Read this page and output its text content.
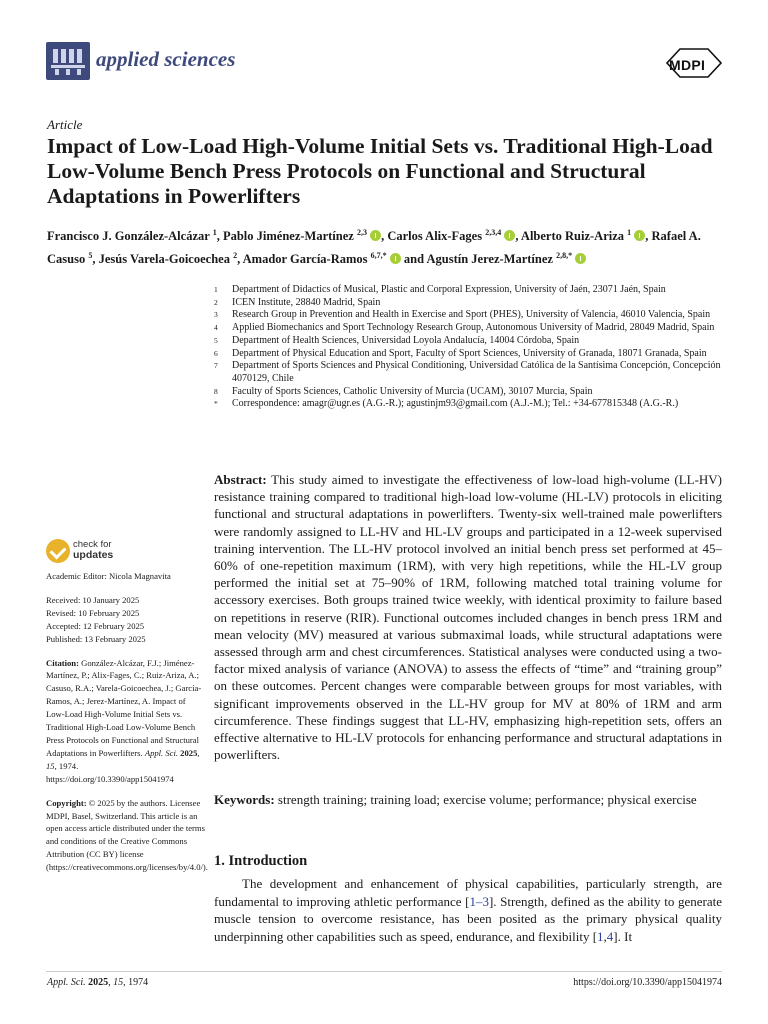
applied sciences	MDPI
Article
Impact of Low-Load High-Volume Initial Sets vs. Traditional High-Load Low-Volume Bench Press Protocols on Functional and Structural Adaptations in Powerlifters
Francisco J. González-Alcázar $^1$, Pablo Jiménez-Martínez $^{2,3}$ , Carlos Alix-Fages $^{2,3,4}$ , Alberto Ruiz-Ariza $^1$ , Rafael A. Casuso $^5$, Jesús Varela-Goicoechea $^2$, Amador García-Ramos $^{6,7,*}$  and Agustín Jerez-Martínez $^{2,8,*}$
1	Department of Didactics of Musical, Plastic and Corporal Expression, University of Jaén, 23071 Jaén, Spain
2	ICEN Institute, 28840 Madrid, Spain
3	Research Group in Prevention and Health in Exercise and Sport (PHES), University of Valencia, 46010 Valencia, Spain
4	Applied Biomechanics and Sport Technology Research Group, Autonomous University of Madrid, 28049 Madrid, Spain
5	Department of Health Sciences, Universidad Loyola Andalucía, 14004 Córdoba, Spain
6	Department of Physical Education and Sport, Faculty of Sport Sciences, University of Granada, 18071 Granada, Spain
7	Department of Sports Sciences and Physical Conditioning, Universidad Católica de la Santísima Concepción, Concepción 4070129, Chile
8	Faculty of Sports Sciences, Catholic University of Murcia (UCAM), 30107 Murcia, Spain
*	Correspondence: amagr@ugr.es (A.G.-R.); agustinjm93@gmail.com (A.J.-M.); Tel.: +34-677815348 (A.G.-R.)
Abstract: This study aimed to investigate the effectiveness of low-load high-volume (LL-HV) resistance training compared to traditional high-load low-volume (HL-LV) protocols in eliciting functional and structural adaptations in powerlifters. Twenty-six well-trained male powerlifters were randomly assigned to LL-HV and HL-LV groups and participated in a 12-week supervised training intervention. The LL-HV protocol involved an initial bench press set performed at 45–60% of one-repetition maximum (1RM), with very high repetitions, while the HL-LV group performed the initial set at 75–90% of 1RM, following matched total training volume for accessory exercises. Both groups trained twice weekly, with identical proximity to failure based on repetitions in reserve (RIR). Functional outcomes included changes in bench press 1RM and mean velocity (MV) measured at various submaximal loads, while structural adaptations were assessed through arm and chest circumferences. Statistical analyses were conducted using a two-factor mixed analysis of variance (ANOVA) to assess the effects of “time” and “training group” on these outcomes. Percent changes were comparable between groups for most variables, with significant improvements observed in the LL-HV group for MV at 80% of 1RM and arm circumference. These findings suggest that LL-HV, emphasizing high-repetition sets, offers an effective alternative to HL-LV protocols for enhancing performance and structural adaptations in powerlifters.
Keywords: strength training; training load; exercise volume; performance; physical exercise
check for
updates

Academic Editor: Nicola Magnavita

Received: 10 January 2025

Revised: 10 February 2025

Accepted: 12 February 2025

Published: 13 February 2025

Citation: González-Alcázar, F.J.; Jiménez-Martínez, P.; Alix-Fages, C.; Ruiz-Ariza, A.; Casuso, R.A.; Varela-Goicoechea, J.; García-Ramos, A.; Jerez-Martínez, A. Impact of Low-Load High-Volume Initial Sets vs. Traditional High-Load Low-Volume Bench Press Protocols on Functional and Structural Adaptations in Powerlifters. Appl. Sci. 2025, 15, 1974. https://doi.org/10.3390/app15041974

Copyright: © 2025 by the authors. Licensee MDPI, Basel, Switzerland. This article is an open access article distributed under the terms and conditions of the Creative Commons Attribution (CC BY) license (https://creativecommons.org/licenses/by/4.0/). 1. Introduction
The development and enhancement of physical capabilities, particularly strength, are fundamental to improving athletic performance [1–3]. Strength, defined as the ability to generate muscle tension to overcome resistance, has been posited as the primary physical quality underpinning other capabilities such as speed, endurance, and flexibility [1,4]. It
Appl. Sci. 2025, 15, 1974	https://doi.org/10.3390/app15041974
